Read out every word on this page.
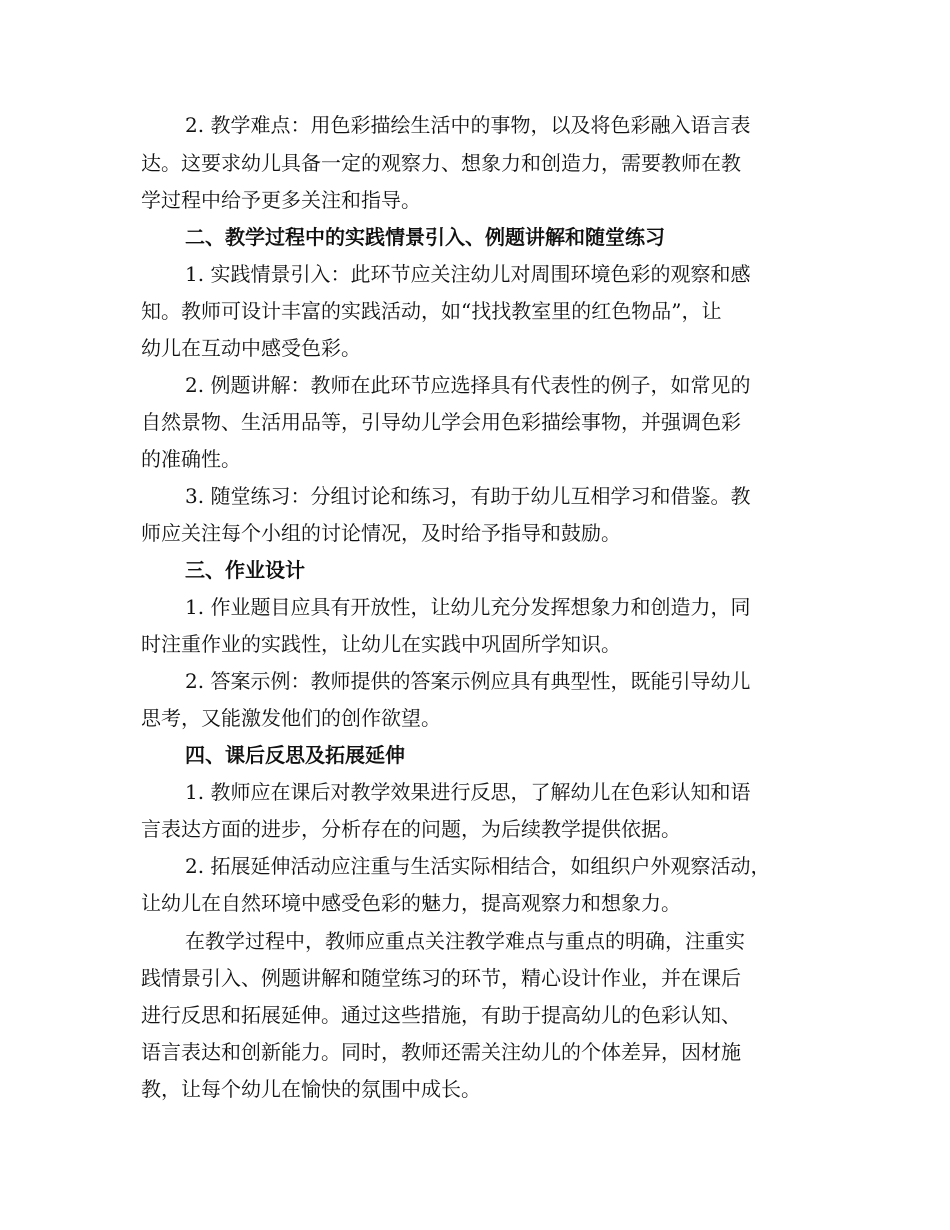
2. 教学难点：用色彩描绘生活中的事物，以及将色彩融入语言表
达。这要求幼儿具备一定的观察力、想象力和创造力，需要教师在教
学过程中给予更多关注和指导。
二、教学过程中的实践情景引入、例题讲解和随堂练习
1. 实践情景引入：此环节应关注幼儿对周围环境色彩的观察和感
知。教师可设计丰富的实践活动，如“找找教室里的红色物品”，让
幼儿在互动中感受色彩。
2. 例题讲解：教师在此环节应选择具有代表性的例子，如常见的
自然景物、生活用品等，引导幼儿学会用色彩描绘事物，并强调色彩
的准确性。
3. 随堂练习：分组讨论和练习，有助于幼儿互相学习和借鉴。教
师应关注每个小组的讨论情况，及时给予指导和鼓励。
三、作业设计
1. 作业题目应具有开放性，让幼儿充分发挥想象力和创造力，同
时注重作业的实践性，让幼儿在实践中巩固所学知识。
2. 答案示例：教师提供的答案示例应具有典型性，既能引导幼儿
思考，又能激发他们的创作欲望。
四、课后反思及拓展延伸
1. 教师应在课后对教学效果进行反思，了解幼儿在色彩认知和语
言表达方面的进步，分析存在的问题，为后续教学提供依据。
2. 拓展延伸活动应注重与生活实际相结合，如组织户外观察活动，
让幼儿在自然环境中感受色彩的魅力，提高观察力和想象力。
在教学过程中，教师应重点关注教学难点与重点的明确，注重实
践情景引入、例题讲解和随堂练习的环节，精心设计作业，并在课后
进行反思和拓展延伸。通过这些措施，有助于提高幼儿的色彩认知、
语言表达和创新能力。同时，教师还需关注幼儿的个体差异，因材施
教，让每个幼儿在愉快的氛围中成长。
